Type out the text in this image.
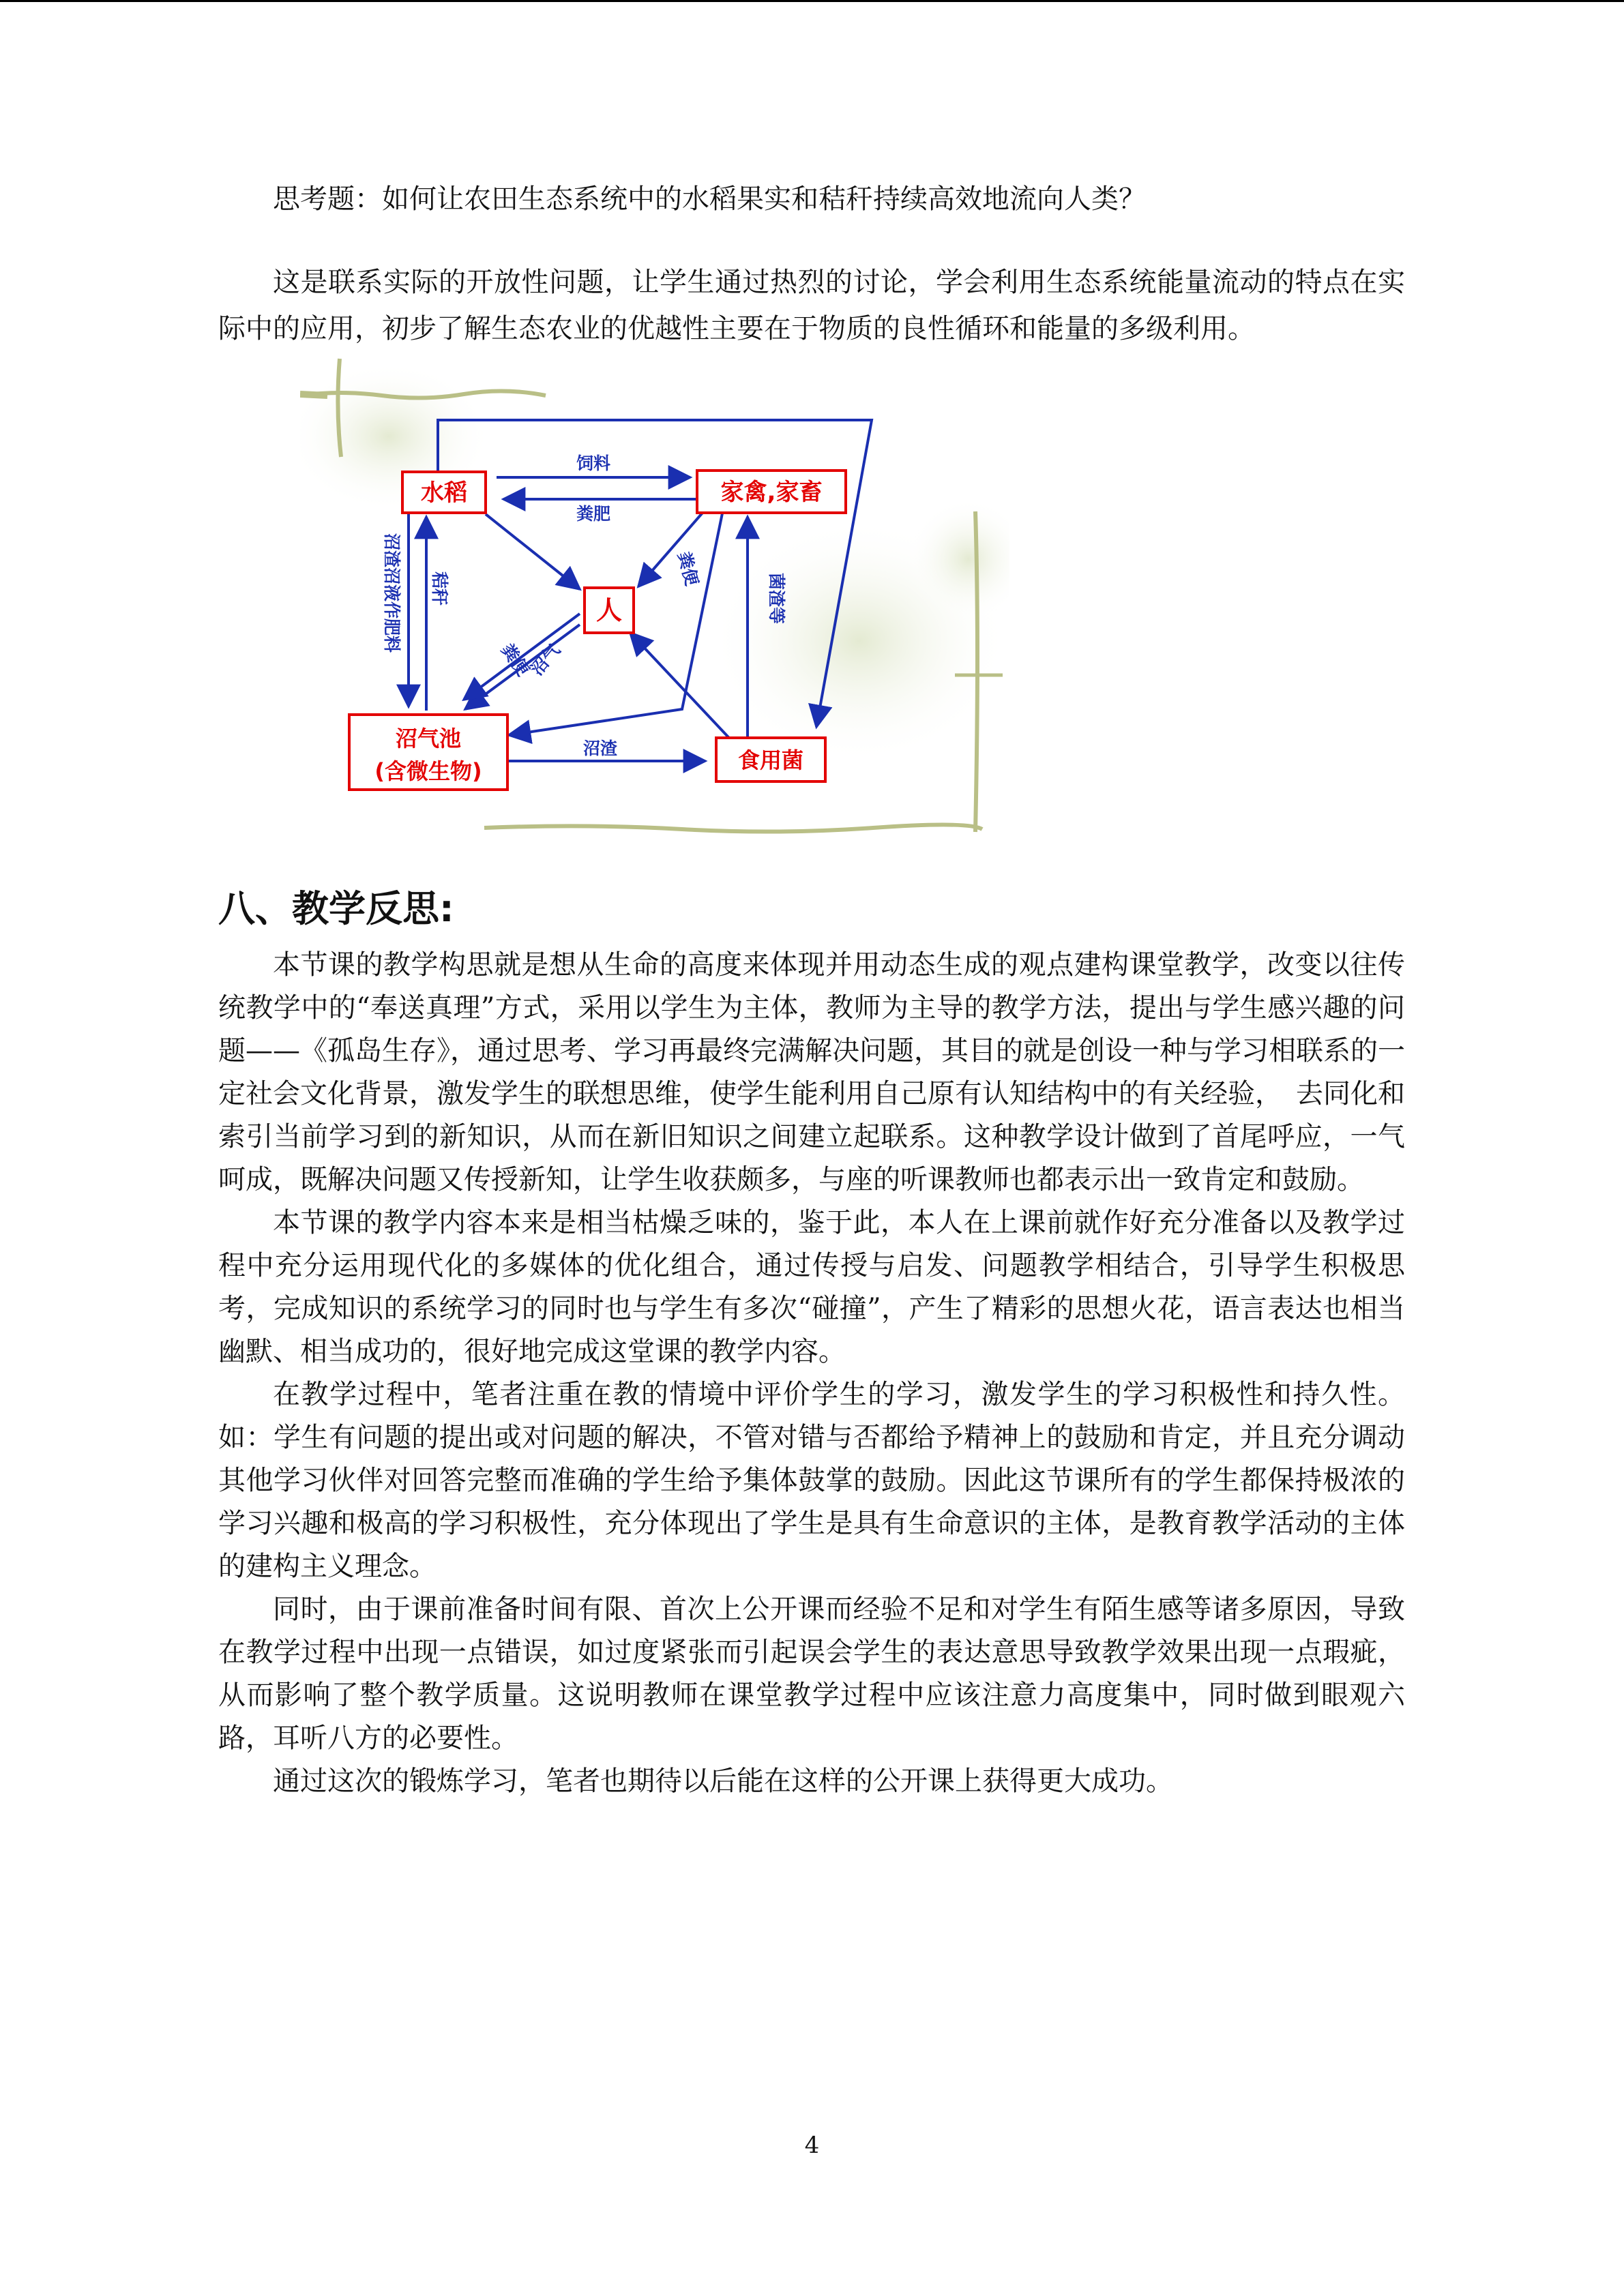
思考题：如何让农田生态系统中的水稻果实和秸秆持续高效地流向人类？

这是联系实际的开放性问题，让学生通过热烈的讨论，学会利用生态系统能量流动的特点在实际中的应用，初步了解生态农业的优越性主要在于物质的良性循环和能量的多级利用。

水稻	家禽,家畜
人
沼气池
(含微生物)	食用菌
饲料
粪肥
沼渣沼液作肥料 秸秆
粪便
菌渣等
粪便
沼气
沼渣
八、教学反思:

本节课的教学构思就是想从生命的高度来体现并用动态生成的观点建构课堂教学，改变以往传统教学中的“奉送真理”方式，采用以学生为主体，教师为主导的教学方法，提出与学生感兴趣的问题——《孤岛生存》，通过思考、学习再最终完满解决问题，其目的就是创设一种与学习相联系的一定社会文化背景，激发学生的联想思维，使学生能利用自己原有认知结构中的有关经验，　去同化和索引当前学习到的新知识，从而在新旧知识之间建立起联系。这种教学设计做到了首尾呼应，一气呵成，既解决问题又传授新知，让学生收获颇多，与座的听课教师也都表示出一致肯定和鼓励。

本节课的教学内容本来是相当枯燥乏味的，鉴于此，本人在上课前就作好充分准备以及教学过程中充分运用现代化的多媒体的优化组合，通过传授与启发、问题教学相结合，引导学生积极思考，完成知识的系统学习的同时也与学生有多次“碰撞”，产生了精彩的思想火花，语言表达也相当幽默、相当成功的，很好地完成这堂课的教学内容。

在教学过程中，笔者注重在教的情境中评价学生的学习，激发学生的学习积极性和持久性。如：学生有问题的提出或对问题的解决，不管对错与否都给予精神上的鼓励和肯定，并且充分调动其他学习伙伴对回答完整而准确的学生给予集体鼓掌的鼓励。因此这节课所有的学生都保持极浓的学习兴趣和极高的学习积极性，充分体现出了学生是具有生命意识的主体，是教育教学活动的主体的建构主义理念。

同时，由于课前准备时间有限、首次上公开课而经验不足和对学生有陌生感等诸多原因，导致在教学过程中出现一点错误，如过度紧张而引起误会学生的表达意思导致教学效果出现一点瑕疵，从而影响了整个教学质量。这说明教师在课堂教学过程中应该注意力高度集中，同时做到眼观六路，耳听八方的必要性。

通过这次的锻炼学习，笔者也期待以后能在这样的公开课上获得更大成功。

4
